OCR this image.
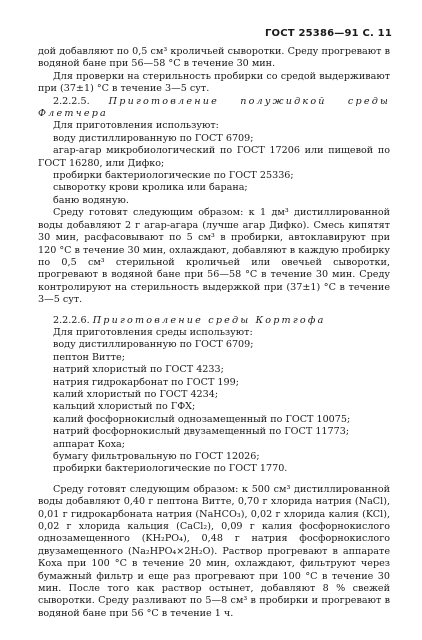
ГОСТ 25386—91 С. 11

дой добавляют по 0,5 см³ кроличьей сыворотки. Среду прогревают в водяной бане при 56—58 °С в течение 30 мин.

Для проверки на стерильность пробирки со средой выдерживают при (37±1) °С в течение 3—5 сут.

2.2.2.5. Приготовление полужидкой среды Флетчера

Для приготовления используют:

воду дистиллированную по ГОСТ 6709;

агар-агар микробиологический по ГОСТ 17206 или пищевой по ГОСТ 16280, или Дифко;

пробирки бактериологические по ГОСТ 25336;

сыворотку крови кролика или барана;

баню водяную.

Среду готовят следующим образом: к 1 дм³ дистиллированной воды добавляют 2 г агар-агара (лучше агар Дифко). Смесь кипятят 30 мин, расфасовывают по 5 см³ в пробирки, автоклавируют при 120 °С в течение 30 мин, охлаждают, добавляют в каждую пробирку по 0,5 см³ стерильной кроличьей или овечьей сыворотки, прогревают в водяной бане при 56—58 °С в течение 30 мин. Среду контролируют на стерильность выдержкой при (37±1) °С в течение 3—5 сут.

2.2.2.6. Приготовление среды Кортгофа

Для приготовления среды используют:

воду дистиллированную по ГОСТ 6709;

пептон Витте;

натрий хлористый по ГОСТ 4233;

натрия гидрокарбонат по ГОСТ 199;

калий хлористый по ГОСТ 4234;

кальций хлористый по ГФХ;

калий фосфорнокислый однозамещенный по ГОСТ 10075;

натрий фосфорнокислый двузамещенный по ГОСТ 11773;

аппарат Коха;

бумагу фильтровальную по ГОСТ 12026;

пробирки бактериологические по ГОСТ 1770.

Среду готовят следующим образом: к 500 см³ дистиллированной воды добавляют 0,40 г пептона Витте, 0,70 г хлорида натрия (NaCl), 0,01 г гидрокарбоната натрия (NaHCO₃), 0,02 г хлорида калия (KCl), 0,02 г хлорида кальция (CaCl₂), 0,09 г калия фосфорнокислого однозамещенного (KH₂PO₄), 0,48 г натрия фосфорнокислого двузамещенного (Na₂HPO₄×2H₂O). Раствор прогревают в аппарате Коха при 100 °С в течение 20 мин, охлаждают, фильтруют через бумажный фильтр и еще раз прогревают при 100 °С в течение 30 мин. После того как раствор остынет, добавляют 8 % свежей сыворотки. Среду разливают по 5—8 см³ в пробирки и прогревают в водяной бане при 56 °С в течение 1 ч.
